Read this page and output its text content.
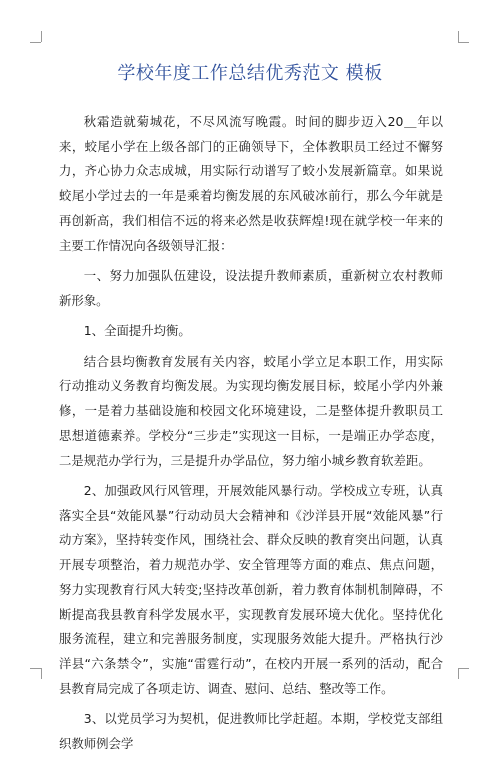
学校年度工作总结优秀范文 模板

秋霜造就菊城花，不尽风流写晚霞。时间的脚步迈入20＿年以来，蛟尾小学在上级各部门的正确领导下，全体教职员工经过不懈努力，齐心协力众志成城，用实际行动谱写了蛟小发展新篇章。如果说蛟尾小学过去的一年是乘着均衡发展的东风破冰前行，那么今年就是再创新高，我们相信不远的将来必然是收获辉煌!现在就学校一年来的主要工作情况向各级领导汇报：

一、努力加强队伍建设，设法提升教师素质，重新树立农村教师新形象。

1、全面提升均衡。

结合县均衡教育发展有关内容，蛟尾小学立足本职工作，用实际行动推动义务教育均衡发展。为实现均衡发展目标，蛟尾小学内外兼修，一是着力基础设施和校园文化环境建设，二是整体提升教职员工思想道德素养。学校分“三步走”实现这一目标，一是端正办学态度，二是规范办学行为，三是提升办学品位，努力缩小城乡教育软差距。

2、加强政风行风管理，开展效能风暴行动。学校成立专班，认真落实全县“效能风暴”行动动员大会精神和《沙洋县开展“效能风暴”行动方案》，坚持转变作风，围绕社会、群众反映的教育突出问题，认真开展专项整治，着力规范办学、安全管理等方面的难点、焦点问题，努力实现教育行风大转变;坚持改革创新，着力教育体制机制障碍，不断提高我县教育科学发展水平，实现教育发展环境大优化。坚持优化服务流程，建立和完善服务制度，实现服务效能大提升。严格执行沙洋县“六条禁令”，实施“雷霆行动”，在校内开展一系列的活动，配合县教育局完成了各项走访、调查、慰问、总结、整改等工作。

3、以党员学习为契机，促进教师比学赶超。本期，学校党支部组织教师例会学
